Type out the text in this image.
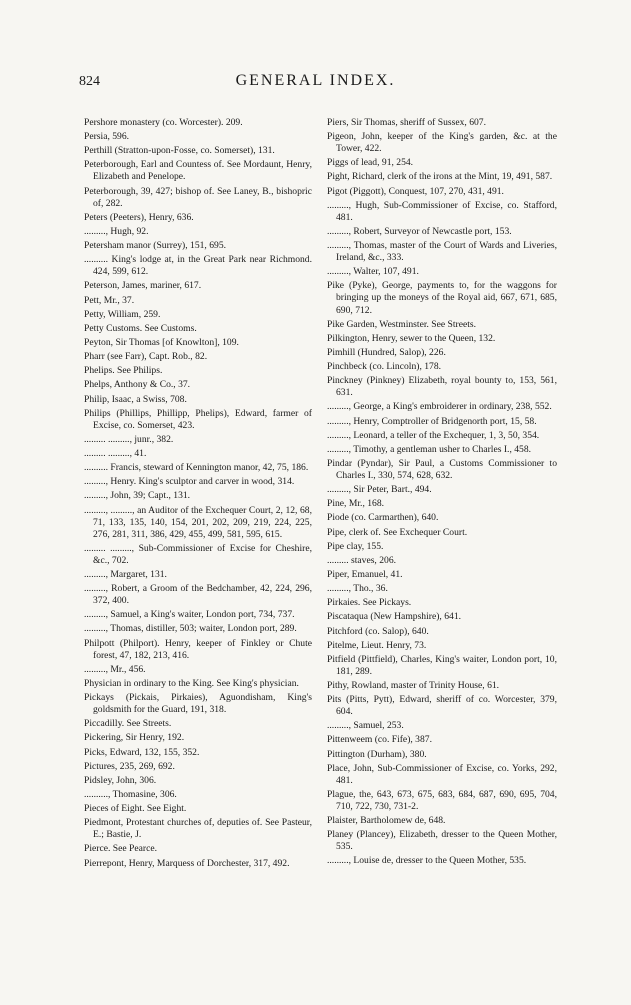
824	GENERAL INDEX.

Pershore monastery (co. Worcester). 209.

Persia, 596.

Perthill (Stratton-upon-Fosse, co. Somerset), 131.

Peterborough, Earl and Countess of. See Mordaunt, Henry, Elizabeth and Penelope.

Peterborough, 39, 427; bishop of. See Laney, B., bishopric of, 282.

Peters (Peeters), Henry, 636.

........., Hugh, 92.

Petersham manor (Surrey), 151, 695.

.......... King's lodge at, in the Great Park near Richmond. 424, 599, 612.

Peterson, James, mariner, 617.

Pett, Mr., 37.

Petty, William, 259.

Petty Customs. See Customs.

Peyton, Sir Thomas [of Knowlton], 109.

Pharr (see Farr), Capt. Rob., 82.

Phelips. See Philips.

Phelps, Anthony & Co., 37.

Philip, Isaac, a Swiss, 708.

Philips (Phillips, Phillipp, Phelips), Edward, farmer of Excise, co. Somerset, 423.

......... ........., junr., 382.

......... ........., 41.

.......... Francis, steward of Kennington manor, 42, 75, 186.

........., Henry. King's sculptor and carver in wood, 314.

........., John, 39; Capt., 131.

........., ........., an Auditor of the Exchequer Court, 2, 12, 68, 71, 133, 135, 140, 154, 201, 202, 209, 219, 224, 225, 276, 281, 311, 386, 429, 455, 499, 581, 595, 615.

......... ........., Sub-Commissioner of Excise for Cheshire, &c., 702.

........., Margaret, 131.

........., Robert, a Groom of the Bedchamber, 42, 224, 296, 372, 400.

........., Samuel, a King's waiter, London port, 734, 737.

........., Thomas, distiller, 503; waiter, London port, 289.

Philpott (Philport). Henry, keeper of Finkley or Chute forest, 47, 182, 213, 416.

........., Mr., 456.

Physician in ordinary to the King. See King's physician.

Pickays (Pickais, Pirkaies), Aguondisham, King's goldsmith for the Guard, 191, 318.

Piccadilly. See Streets.

Pickering, Sir Henry, 192.

Picks, Edward, 132, 155, 352.

Pictures, 235, 269, 692.

Pidsley, John, 306.

.........., Thomasine, 306.

Pieces of Eight. See Eight.

Piedmont, Protestant churches of, deputies of. See Pasteur, E.; Bastie, J.

Pierce. See Pearce.

Pierrepont, Henry, Marquess of Dorchester, 317, 492.

Piers, Sir Thomas, sheriff of Sussex, 607.

Pigeon, John, keeper of the King's garden, &c. at the Tower, 422.

Piggs of lead, 91, 254.

Pight, Richard, clerk of the irons at the Mint, 19, 491, 587.

Pigot (Piggott), Conquest, 107, 270, 431, 491.

........., Hugh, Sub-Commissioner of Excise, co. Stafford, 481.

........., Robert, Surveyor of Newcastle port, 153.

........., Thomas, master of the Court of Wards and Liveries, Ireland, &c., 333.

........., Walter, 107, 491.

Pike (Pyke), George, payments to, for the waggons for bringing up the moneys of the Royal aid, 667, 671, 685, 690, 712.

Pike Garden, Westminster. See Streets.

Pilkington, Henry, sewer to the Queen, 132.

Pimhill (Hundred, Salop), 226.

Pinchbeck (co. Lincoln), 178.

Pinckney (Pinkney) Elizabeth, royal bounty to, 153, 561, 631.

........., George, a King's embroiderer in ordinary, 238, 552.

........., Henry, Comptroller of Bridgenorth port, 15, 58.

........., Leonard, a teller of the Exchequer, 1, 3, 50, 354.

........., Timothy, a gentleman usher to Charles I., 458.

Pindar (Pyndar), Sir Paul, a Customs Commissioner to Charles I., 330, 574, 628, 632.

........., Sir Peter, Bart., 494.

Pine, Mr., 168.

Piode (co. Carmarthen), 640.

Pipe, clerk of. See Exchequer Court.

Pipe clay, 155.

......... staves, 206.

Piper, Emanuel, 41.

........., Tho., 36.

Pirkaies. See Pickays.

Piscataqua (New Hampshire), 641.

Pitchford (co. Salop), 640.

Pitelme, Lieut. Henry, 73.

Pitfield (Pittfield), Charles, King's waiter, London port, 10, 181, 289.

Pithy, Rowland, master of Trinity House, 61.

Pits (Pitts, Pytt), Edward, sheriff of co. Worcester, 379, 604.

........., Samuel, 253.

Pittenweem (co. Fife), 387.

Pittington (Durham), 380.

Place, John, Sub-Commissioner of Excise, co. Yorks, 292, 481.

Plague, the, 643, 673, 675, 683, 684, 687, 690, 695, 704, 710, 722, 730, 731-2.

Plaister, Bartholomew de, 648.

Planey (Plancey), Elizabeth, dresser to the Queen Mother, 535.

........., Louise de, dresser to the Queen Mother, 535.
